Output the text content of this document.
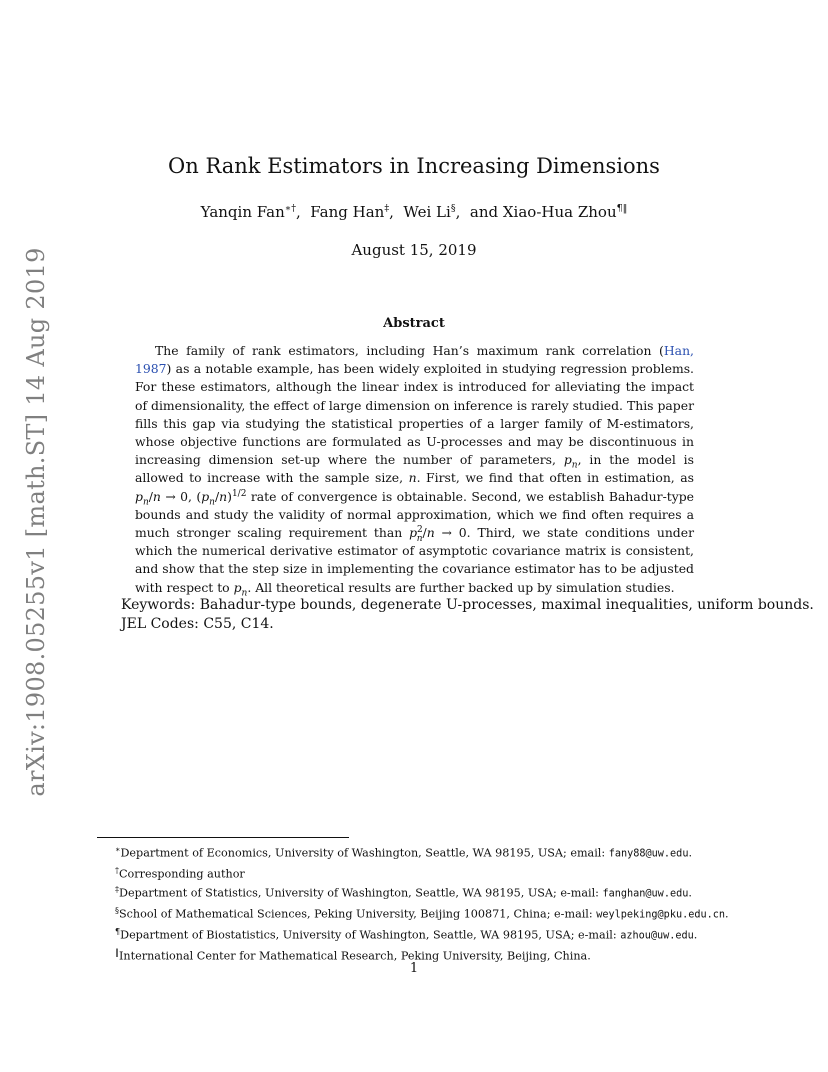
arXiv:1908.05255v1 [math.ST] 14 Aug 2019
On Rank Estimators in Increasing Dimensions
Yanqin Fan∗†,  Fang Han‡,  Wei Li§,  and Xiao-Hua Zhou¶‖
August 15, 2019
Abstract

The family of rank estimators, including Han’s maximum rank correlation (Han, 1987) as a notable example, has been widely exploited in studying regression problems. For these estimators, although the linear index is introduced for alleviating the impact of dimensionality, the effect of large dimension on inference is rarely studied. This paper fills this gap via studying the statistical properties of a larger family of M-estimators, whose objective functions are formulated as U-processes and may be discontinuous in increasing dimension set-up where the number of parameters, $p_n$, in the model is allowed to increase with the sample size, n. First, we find that often in estimation, as $p_n/n \to 0$, $(p_n/n)^{1/2}$ rate of convergence is obtainable. Second, we establish Bahadur-type bounds and study the validity of normal approximation, which we find often requires a much stronger scaling requirement than $p^2_n/n \to 0$. Third, we state conditions under which the numerical derivative estimator of asymptotic covariance matrix is consistent, and show that the step size in implementing the covariance estimator has to be adjusted with respect to $p_n$. All theoretical results are further backed up by simulation studies.

Keywords: Bahadur-type bounds, degenerate U-processes, maximal inequalities, uniform bounds.

JEL Codes: C55, C14.

∗Department of Economics, University of Washington, Seattle, WA 98195, USA; email: fany88@uw.edu.
†Corresponding author
‡Department of Statistics, University of Washington, Seattle, WA 98195, USA; e-mail: fanghan@uw.edu.
§School of Mathematical Sciences, Peking University, Beijing 100871, China; e-mail: weylpeking@pku.edu.cn.
¶Department of Biostatistics, University of Washington, Seattle, WA 98195, USA; e-mail: azhou@uw.edu.
‖International Center for Mathematical Research, Peking University, Beijing, China.
1
